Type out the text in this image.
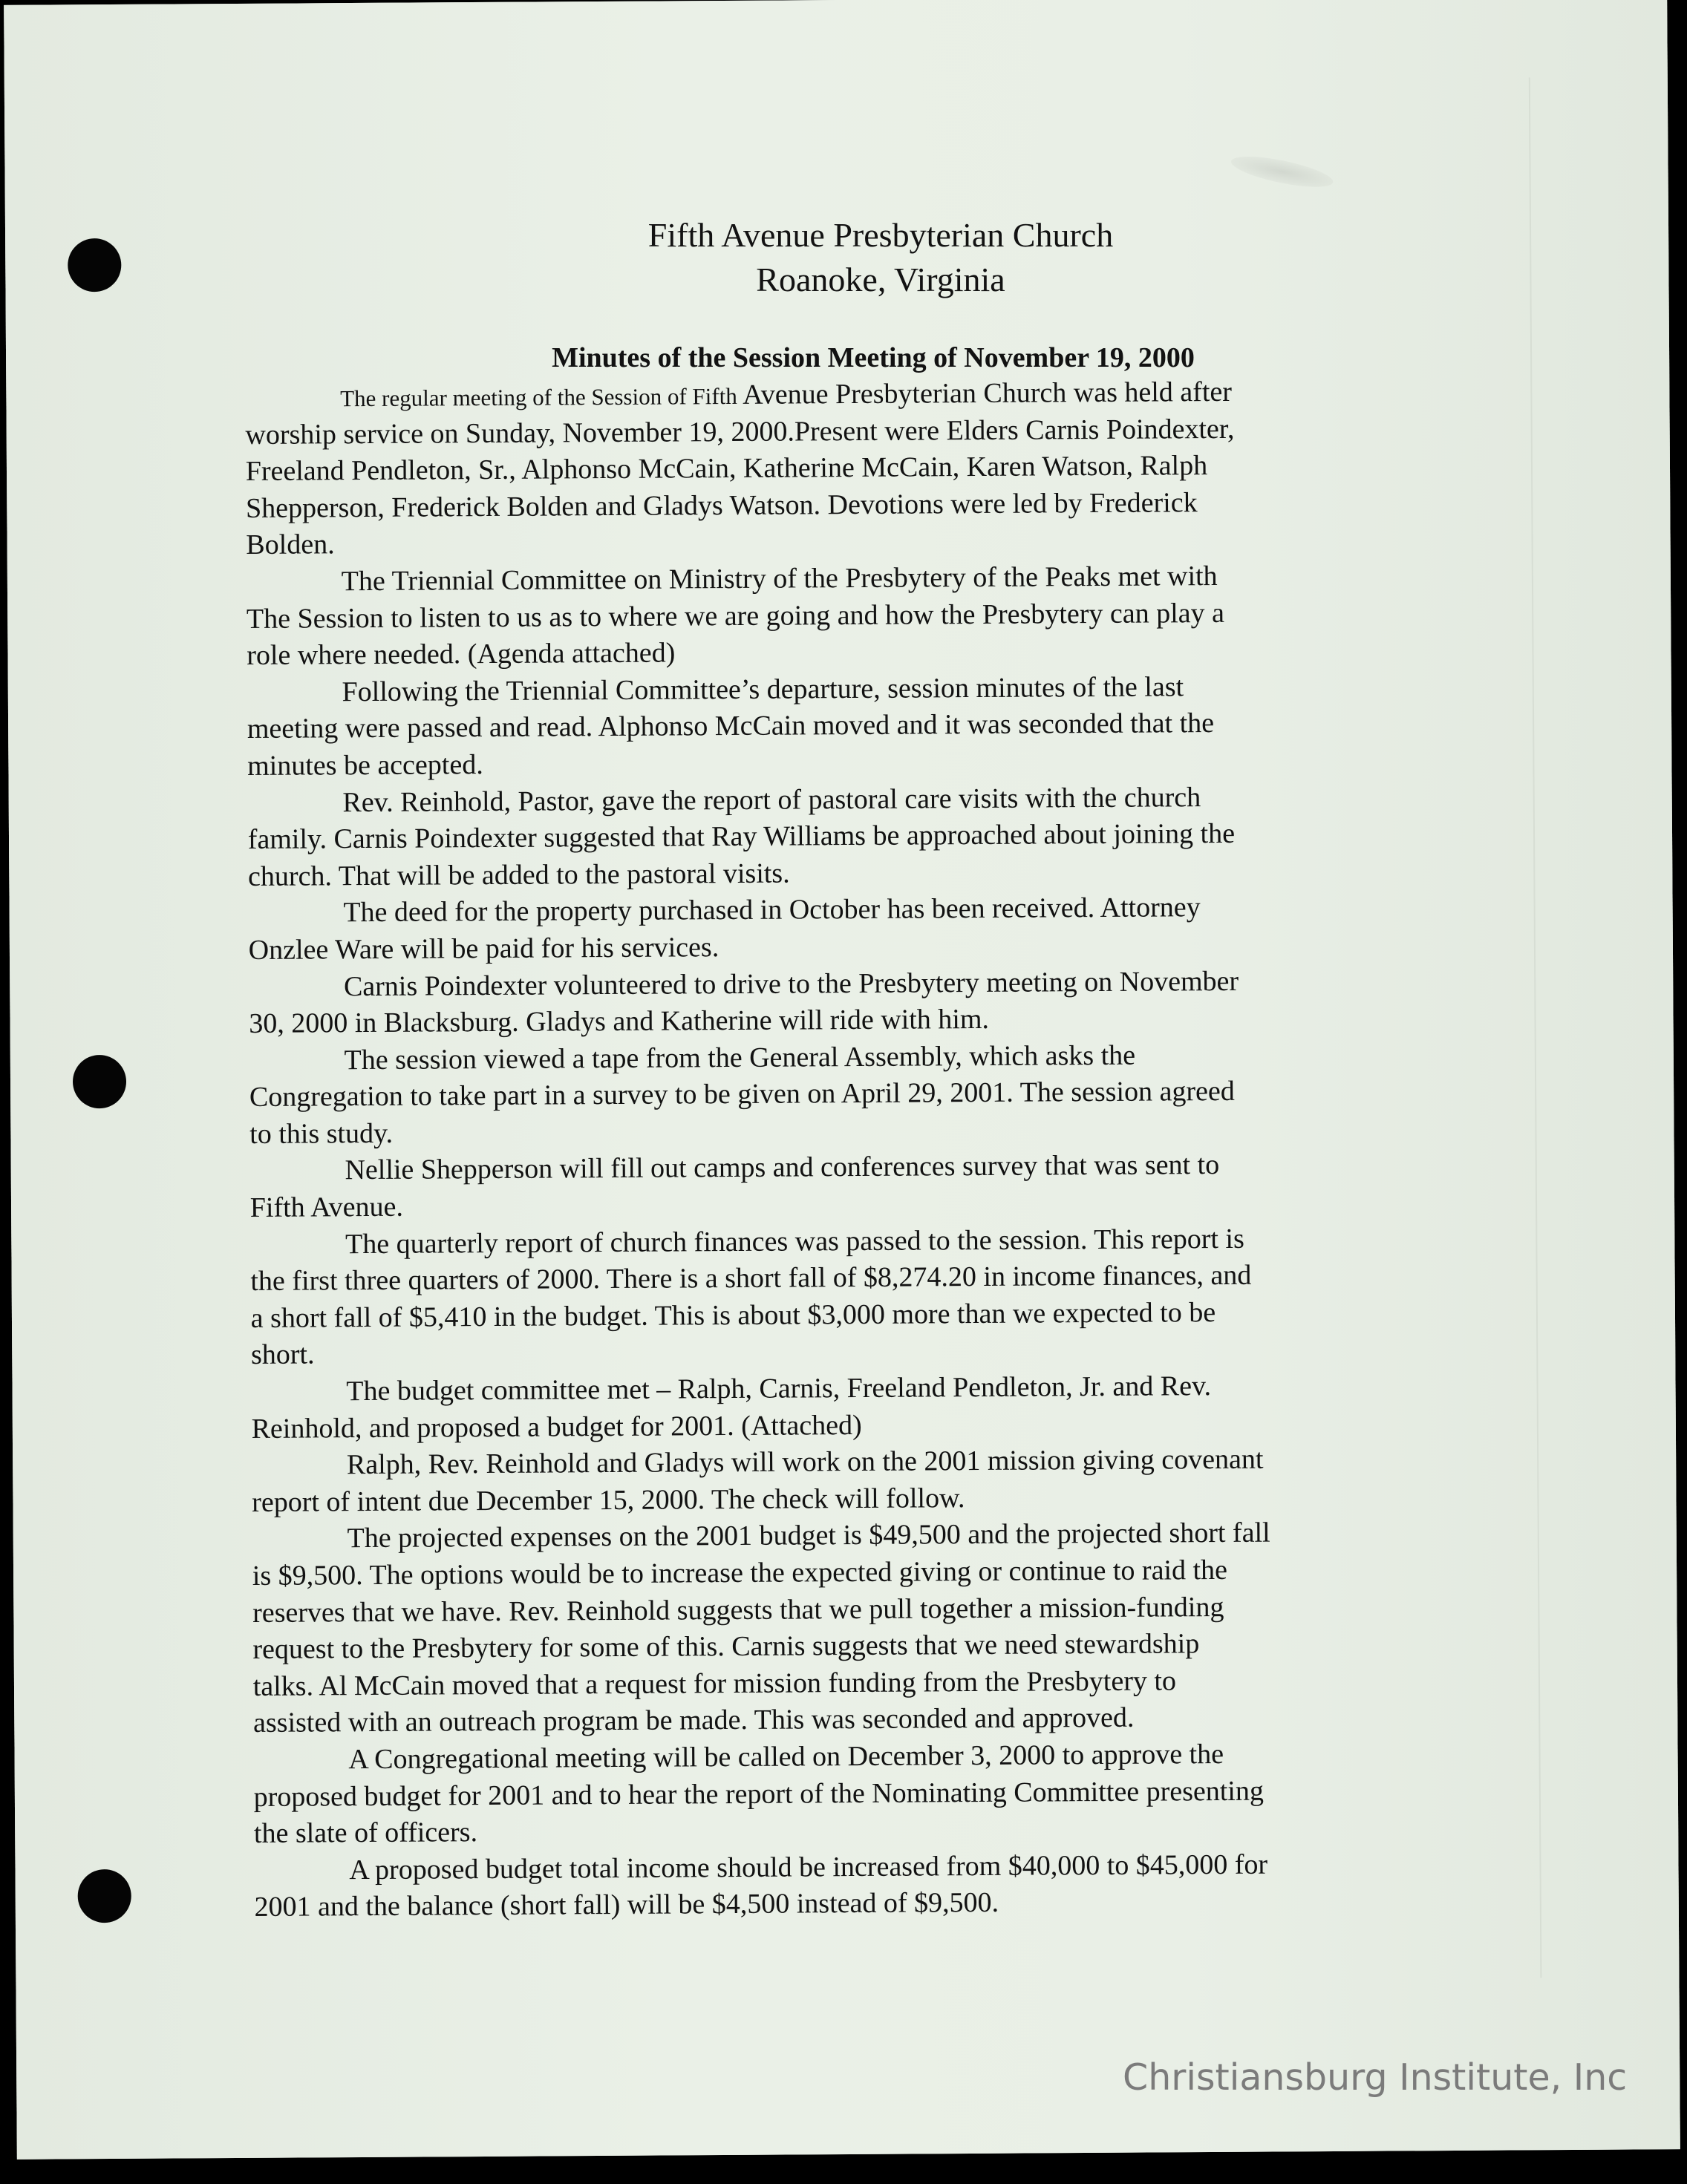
Fifth Avenue Presbyterian Church
Roanoke, Virginia
Minutes of the Session Meeting of November 19, 2000
The regular meeting of the Session of Fifth Avenue Presbyterian Church was held after
worship service on Sunday, November 19, 2000.Present were Elders Carnis Poindexter,
Freeland Pendleton, Sr., Alphonso McCain, Katherine McCain, Karen Watson, Ralph
Shepperson, Frederick Bolden and Gladys Watson. Devotions were led by Frederick
Bolden.
The Triennial Committee on Ministry of the Presbytery of the Peaks met with
The Session to listen to us as to where we are going and how the Presbytery can play a
role where needed. (Agenda attached)
Following the Triennial Committee’s departure, session minutes of the last
meeting were passed and read. Alphonso McCain moved and it was seconded that the
minutes be accepted.
Rev. Reinhold, Pastor, gave the report of pastoral care visits with the church
family. Carnis Poindexter suggested that Ray Williams be approached about joining the
church. That will be added to the pastoral visits.
The deed for the property purchased in October has been received. Attorney
Onzlee Ware will be paid for his services.
Carnis Poindexter volunteered to drive to the Presbytery meeting on November
30, 2000 in Blacksburg. Gladys and Katherine will ride with him.
The session viewed a tape from the General Assembly, which asks the
Congregation to take part in a survey to be given on April 29, 2001. The session agreed
to this study.
Nellie Shepperson will fill out camps and conferences survey that was sent to
Fifth Avenue.
The quarterly report of church finances was passed to the session. This report is
the first three quarters of 2000. There is a short fall of $8,274.20 in income finances, and
a short fall of $5,410 in the budget. This is about $3,000 more than we expected to be
short.
The budget committee met – Ralph, Carnis, Freeland Pendleton, Jr. and Rev.
Reinhold, and proposed a budget for 2001. (Attached)
Ralph, Rev. Reinhold and Gladys will work on the 2001 mission giving covenant
report of intent due December 15, 2000. The check will follow.
The projected expenses on the 2001 budget is $49,500 and the projected short fall
is $9,500. The options would be to increase the expected giving or continue to raid the
reserves that we have. Rev. Reinhold suggests that we pull together a mission-funding
request to the Presbytery for some of this. Carnis suggests that we need stewardship
talks. Al McCain moved that a request for mission funding from the Presbytery to
assisted with an outreach program be made. This was seconded and approved.
A Congregational meeting will be called on December 3, 2000 to approve the
proposed budget for 2001 and to hear the report of the Nominating Committee presenting
the slate of officers.
A proposed budget total income should be increased from $40,000 to $45,000 for
2001 and the balance (short fall) will be $4,500 instead of $9,500.
Christiansburg Institute, Inc
